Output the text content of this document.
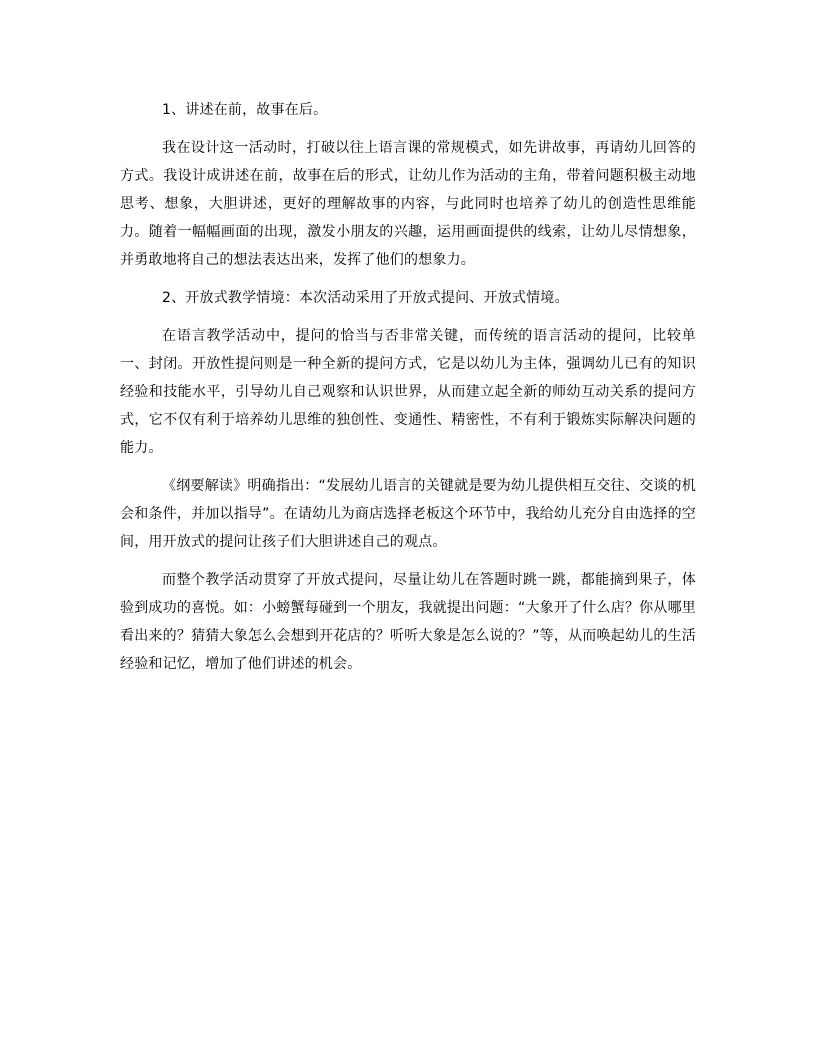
1、讲述在前，故事在后。

我在设计这一活动时，打破以往上语言课的常规模式，如先讲故事，再请幼儿回答的方式。我设计成讲述在前，故事在后的形式，让幼儿作为活动的主角，带着问题积极主动地思考、想象，大胆讲述，更好的理解故事的内容，与此同时也培养了幼儿的创造性思维能力。随着一幅幅画面的出现，激发小朋友的兴趣，运用画面提供的线索，让幼儿尽情想象，并勇敢地将自己的想法表达出来，发挥了他们的想象力。

2、开放式教学情境：本次活动采用了开放式提问、开放式情境。

在语言教学活动中，提问的恰当与否非常关键，而传统的语言活动的提问，比较单一、封闭。开放性提问则是一种全新的提问方式，它是以幼儿为主体，强调幼儿已有的知识经验和技能水平，引导幼儿自己观察和认识世界，从而建立起全新的师幼互动关系的提问方式，它不仅有利于培养幼儿思维的独创性、变通性、精密性，不有利于锻炼实际解决问题的能力。

《纲要解读》明确指出：“发展幼儿语言的关键就是要为幼儿提供相互交往、交谈的机会和条件，并加以指导”。在请幼儿为商店选择老板这个环节中，我给幼儿充分自由选择的空间，用开放式的提问让孩子们大胆讲述自己的观点。

而整个教学活动贯穿了开放式提问，尽量让幼儿在答题时跳一跳，都能摘到果子，体验到成功的喜悦。如：小螃蟹每碰到一个朋友，我就提出问题：“大象开了什么店？你从哪里看出来的？猜猜大象怎么会想到开花店的？听听大象是怎么说的？”等，从而唤起幼儿的生活经验和记忆，增加了他们讲述的机会。
